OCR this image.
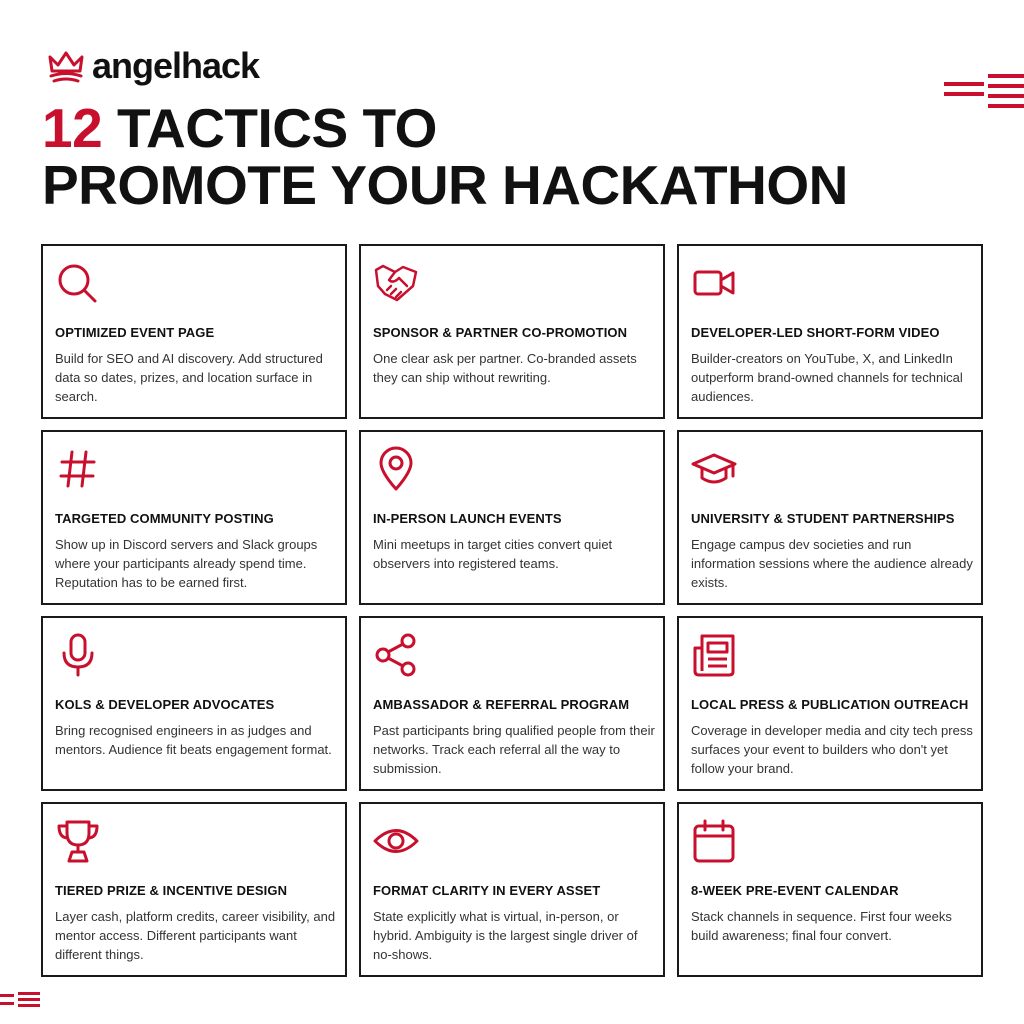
angelhack
12 TACTICS TO
PROMOTE YOUR HACKATHON
OPTIMIZED EVENT PAGE
Build for SEO and AI discovery. Add structured data so dates, prizes, and location surface in search.
SPONSOR & PARTNER CO-PROMOTION
One clear ask per partner. Co-branded assets they can ship without rewriting.
DEVELOPER-LED SHORT-FORM VIDEO
Builder-creators on YouTube, X, and LinkedIn outperform brand-owned channels for technical audiences.
TARGETED COMMUNITY POSTING
Show up in Discord servers and Slack groups where your participants already spend time. Reputation has to be earned first.
IN-PERSON LAUNCH EVENTS
Mini meetups in target cities convert quiet observers into registered teams.
UNIVERSITY & STUDENT PARTNERSHIPS
Engage campus dev societies and run information sessions where the audience already exists.
KOLS & DEVELOPER ADVOCATES
Bring recognised engineers in as judges and mentors. Audience fit beats engagement format.
AMBASSADOR & REFERRAL PROGRAM
Past participants bring qualified people from their networks. Track each referral all the way to submission.
LOCAL PRESS & PUBLICATION OUTREACH
Coverage in developer media and city tech press surfaces your event to builders who don't yet follow your brand.
TIERED PRIZE & INCENTIVE DESIGN
Layer cash, platform credits, career visibility, and mentor access. Different participants want different things.
FORMAT CLARITY IN EVERY ASSET
State explicitly what is virtual, in-person, or hybrid. Ambiguity is the largest single driver of no-shows.
8-WEEK PRE-EVENT CALENDAR
Stack channels in sequence. First four weeks build awareness; final four convert.
